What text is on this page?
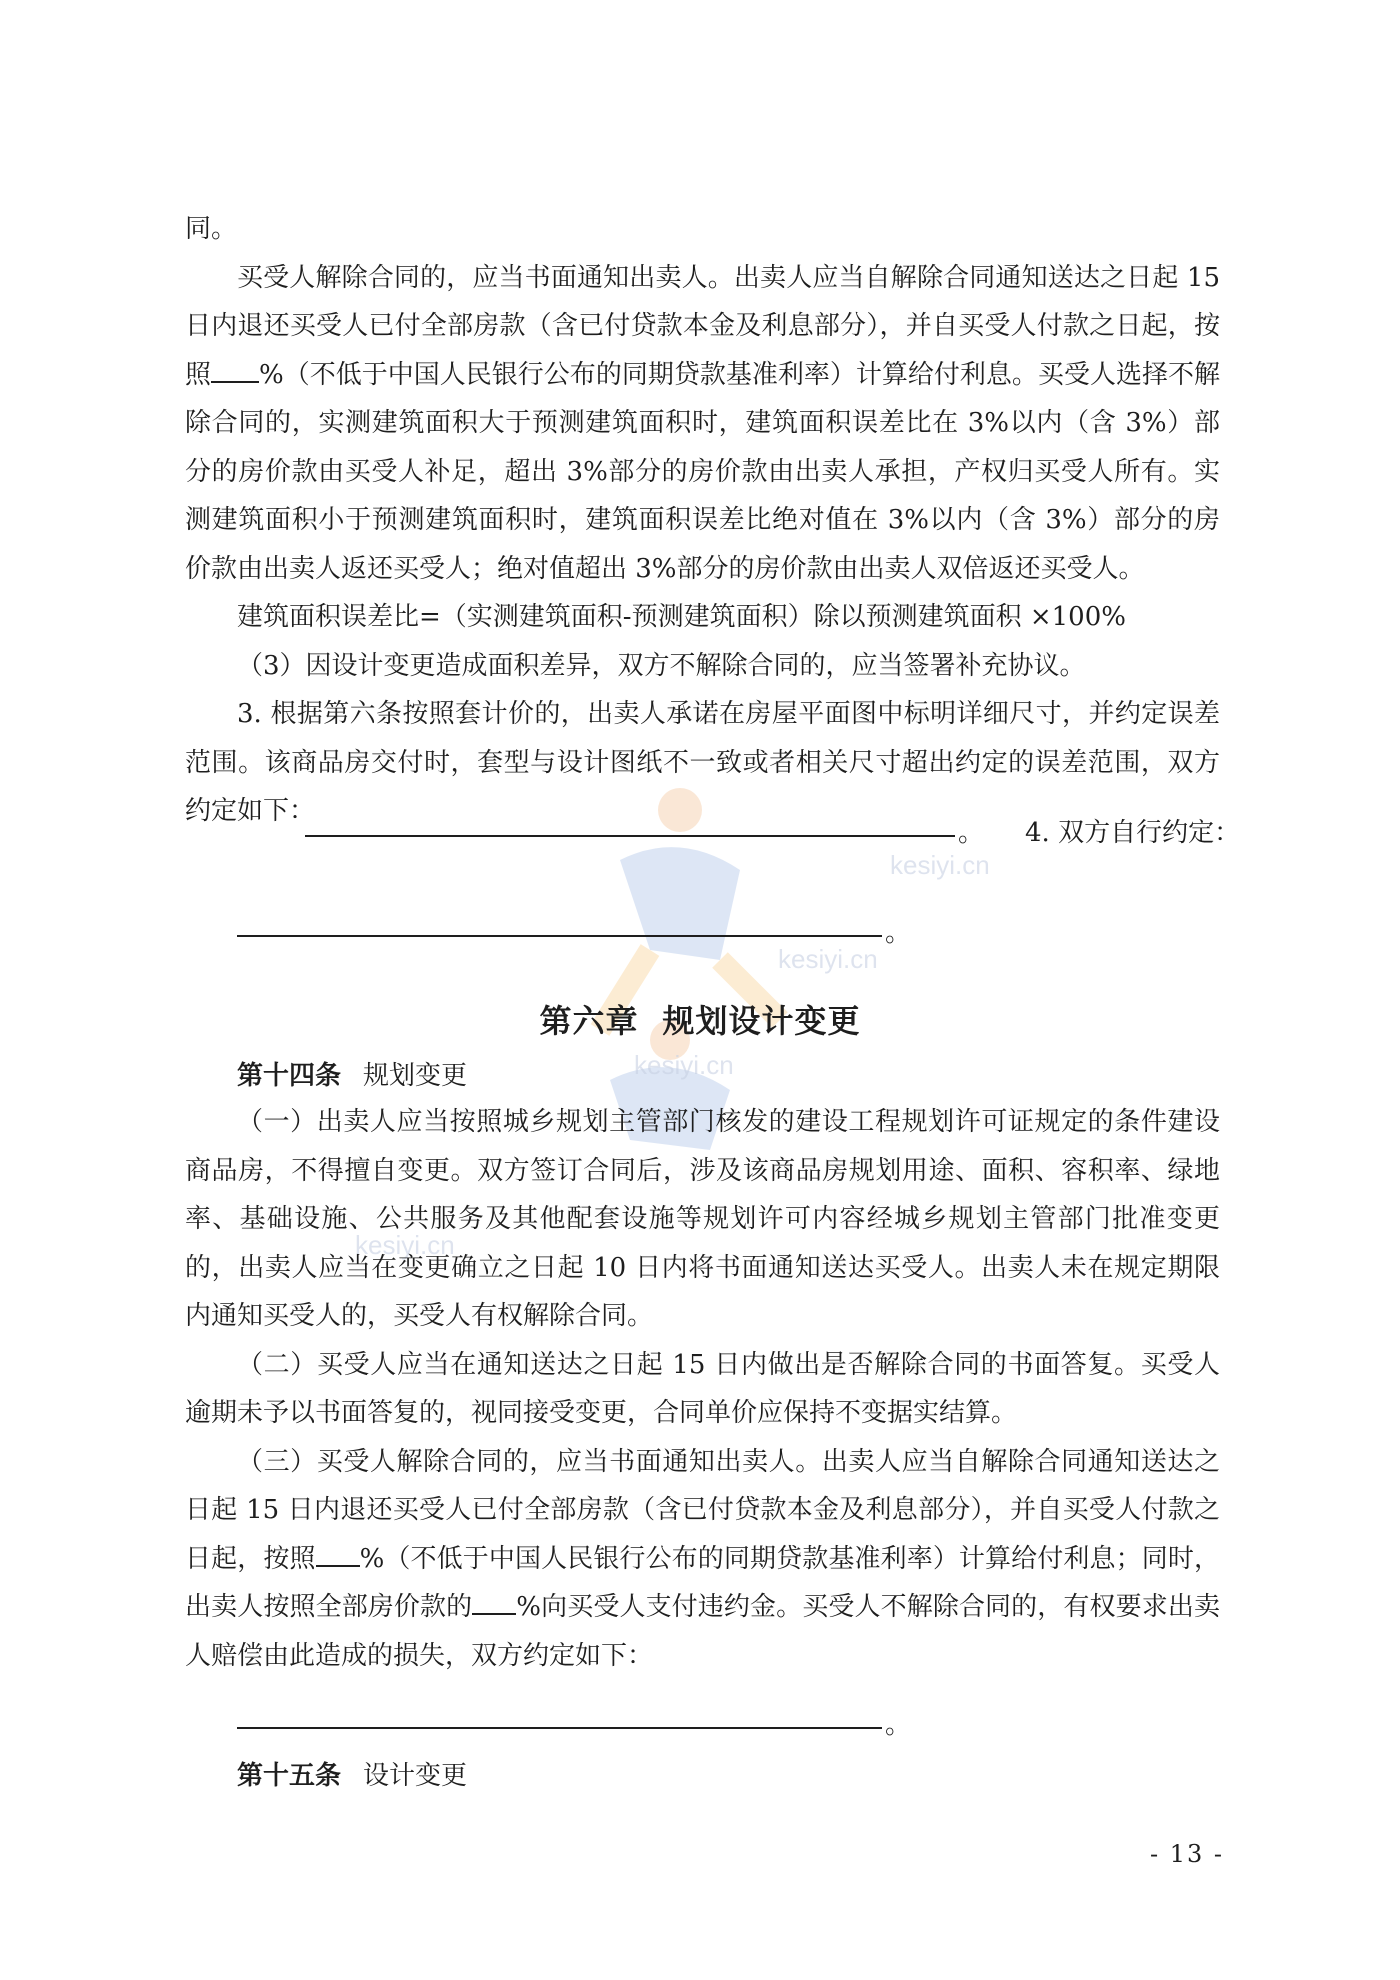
kesiyi.cn
kesiyi.cn
kesiyi.cn
kesiyi.cn

同。

买受人解除合同的，应当书面通知出卖人。出卖人应当自解除合同通知送达之日起 15 日内退还买受人已付全部房款（含已付贷款本金及利息部分），并自买受人付款之日起，按照 %（不低于中国人民银行公布的同期贷款基准利率）计算给付利息。买受人选择不解除合同的，实测建筑面积大于预测建筑面积时，建筑面积误差比在 3%以内（含 3%）部分的房价款由买受人补足，超出 3%部分的房价款由出卖人承担，产权归买受人所有。实测建筑面积小于预测建筑面积时，建筑面积误差比绝对值在 3%以内（含 3%）部分的房价款由出卖人返还买受人；绝对值超出 3%部分的房价款由出卖人双倍返还买受人。

建筑面积误差比=（实测建筑面积-预测建筑面积）除以预测建筑面积 ×100%

（3）因设计变更造成面积差异，双方不解除合同的，应当签署补充协议。

3. 根据第六条按照套计价的，出卖人承诺在房屋平面图中标明详细尺寸，并约定误差范围。该商品房交付时，套型与设计图纸不一致或者相关尺寸超出约定的误差范围，双方约定如下：

。 4. 双方自行约定：
。
第六章 规划设计变更
第十四条 规划变更

（一）出卖人应当按照城乡规划主管部门核发的建设工程规划许可证规定的条件建设商品房，不得擅自变更。双方签订合同后，涉及该商品房规划用途、面积、容积率、绿地率、基础设施、公共服务及其他配套设施等规划许可内容经城乡规划主管部门批准变更的，出卖人应当在变更确立之日起 10 日内将书面通知送达买受人。出卖人未在规定期限内通知买受人的，买受人有权解除合同。

（二）买受人应当在通知送达之日起 15 日内做出是否解除合同的书面答复。买受人逾期未予以书面答复的，视同接受变更，合同单价应保持不变据实结算。

（三）买受人解除合同的，应当书面通知出卖人。出卖人应当自解除合同通知送达之日起 15 日内退还买受人已付全部房款（含已付贷款本金及利息部分），并自买受人付款之日起，按照 %（不低于中国人民银行公布的同期贷款基准利率）计算给付利息；同时，出卖人按照全部房价款的 %向买受人支付违约金。买受人不解除合同的，有权要求出卖人赔偿由此造成的损失，双方约定如下：

。
第十五条 设计变更
- 13 -
